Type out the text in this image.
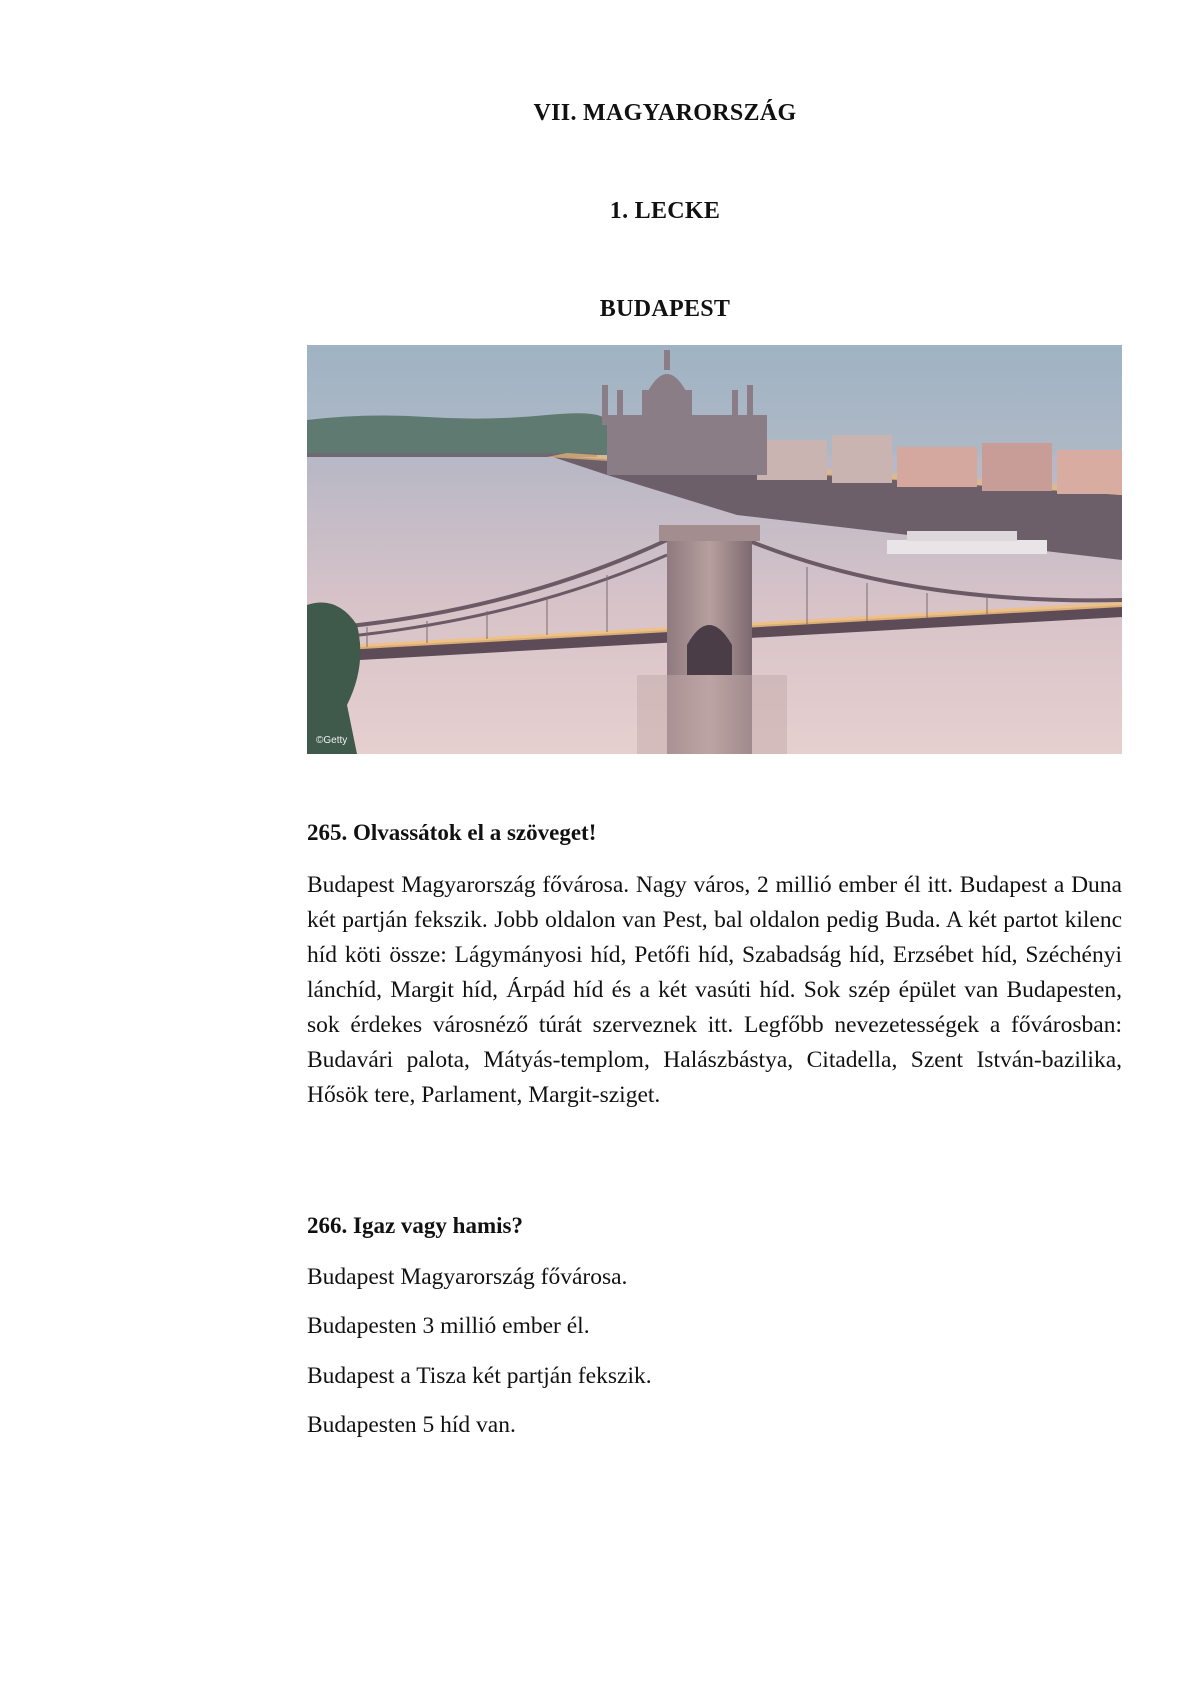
VII. MAGYARORSZÁG
1. LECKE
BUDAPEST
©Getty
265. Olvassátok el a szöveget!

Budapest Magyarország fővárosa. Nagy város, 2 millió ember él itt. Budapest a Duna két partján fekszik. Jobb oldalon van Pest, bal oldalon pedig Buda. A két partot kilenc híd köti össze: Lágymányosi híd, Petőfi híd, Szabadság híd, Erzsébet híd, Széchényi lánchíd, Margit híd, Árpád híd és a két vasúti híd. Sok szép épület van Budapesten, sok érdekes városnéző túrát szerveznek itt. Legfőbb nevezetességek a fővárosban: Budavári palota, Mátyás-templom, Halászbástya, Citadella, Szent István-bazilika, Hősök tere, Parlament, Margit-sziget.

266. Igaz vagy hamis?
Budapest Magyarország fővárosa.
Budapesten 3 millió ember él.
Budapest a Tisza két partján fekszik.
Budapesten 5 híd van.
